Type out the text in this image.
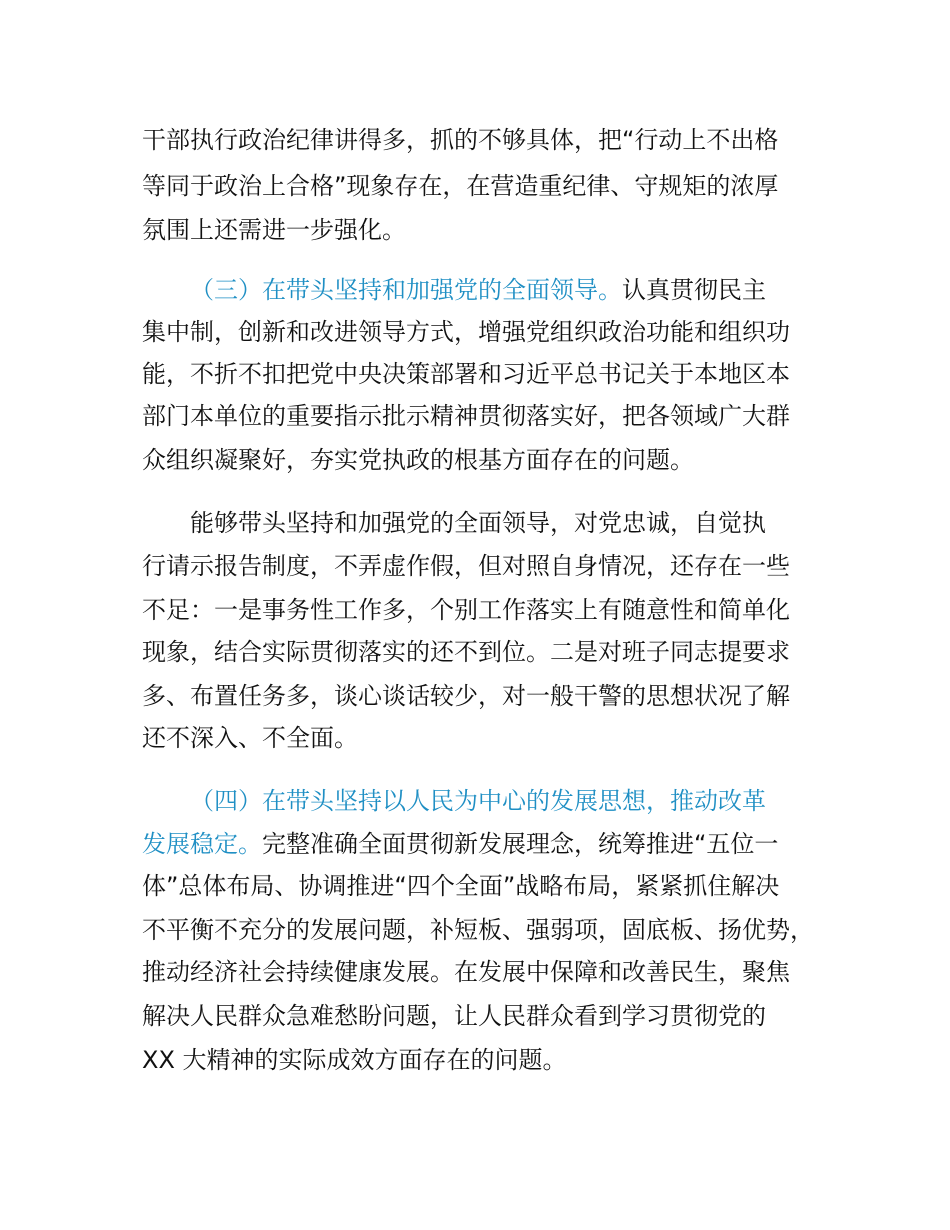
干部执行政治纪律讲得多，抓的不够具体，把“行动上不出格
等同于政治上合格”现象存在，在营造重纪律、守规矩的浓厚
氛围上还需进一步强化。
（三）在带头坚持和加强党的全面领导。认真贯彻民主
集中制，创新和改进领导方式，增强党组织政治功能和组织功
能，不折不扣把党中央决策部署和习近平总书记关于本地区本
部门本单位的重要指示批示精神贯彻落实好，把各领域广大群
众组织凝聚好，夯实党执政的根基方面存在的问题。
能够带头坚持和加强党的全面领导，对党忠诚，自觉执
行请示报告制度，不弄虚作假，但对照自身情况，还存在一些
不足：一是事务性工作多，个别工作落实上有随意性和简单化
现象，结合实际贯彻落实的还不到位。二是对班子同志提要求
多、布置任务多，谈心谈话较少，对一般干警的思想状况了解
还不深入、不全面。
（四）在带头坚持以人民为中心的发展思想，推动改革
发展稳定。完整准确全面贯彻新发展理念，统筹推进“五位一
体”总体布局、协调推进“四个全面”战略布局，紧紧抓住解决
不平衡不充分的发展问题，补短板、强弱项，固底板、扬优势，
推动经济社会持续健康发展。在发展中保障和改善民生，聚焦
解决人民群众急难愁盼问题，让人民群众看到学习贯彻党的
XX 大精神的实际成效方面存在的问题。
